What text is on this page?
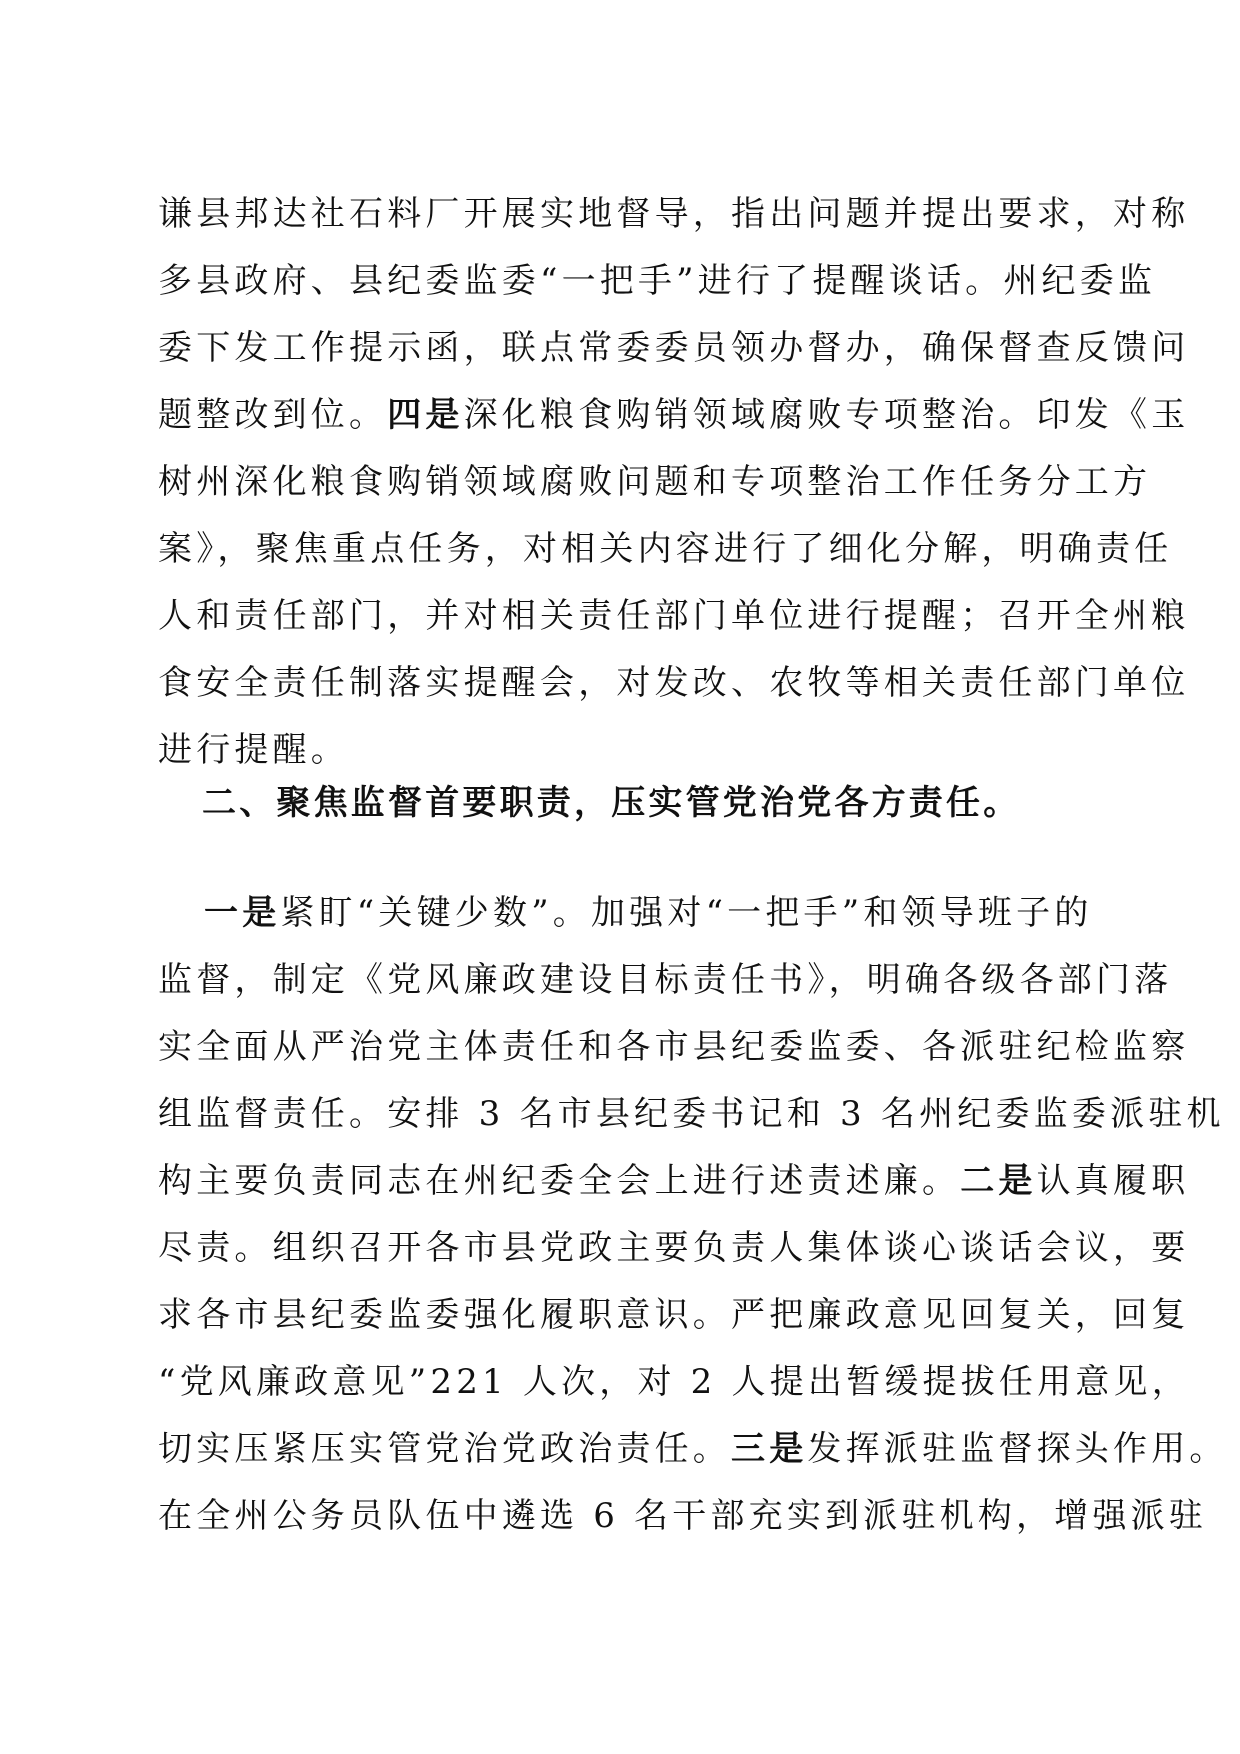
谦县邦达社石料厂开展实地督导，指出问题并提出要求，对称
多县政府、县纪委监委“一把手”进行了提醒谈话。州纪委监
委下发工作提示函，联点常委委员领办督办，确保督查反馈问
题整改到位。四是深化粮食购销领域腐败专项整治。印发《玉
树州深化粮食购销领域腐败问题和专项整治工作任务分工方
案》，聚焦重点任务，对相关内容进行了细化分解，明确责任
人和责任部门，并对相关责任部门单位进行提醒；召开全州粮
食安全责任制落实提醒会，对发改、农牧等相关责任部门单位
进行提醒。
二、聚焦监督首要职责，压实管党治党各方责任。
一是紧盯“关键少数”。加强对“一把手”和领导班子的
监督，制定《党风廉政建设目标责任书》，明确各级各部门落
实全面从严治党主体责任和各市县纪委监委、各派驻纪检监察
组监督责任。安排 3 名市县纪委书记和 3 名州纪委监委派驻机
构主要负责同志在州纪委全会上进行述责述廉。二是认真履职
尽责。组织召开各市县党政主要负责人集体谈心谈话会议，要
求各市县纪委监委强化履职意识。严把廉政意见回复关，回复
“党风廉政意见”221 人次，对 2 人提出暂缓提拔任用意见，
切实压紧压实管党治党政治责任。三是发挥派驻监督探头作用。
在全州公务员队伍中遴选 6 名干部充实到派驻机构，增强派驻
